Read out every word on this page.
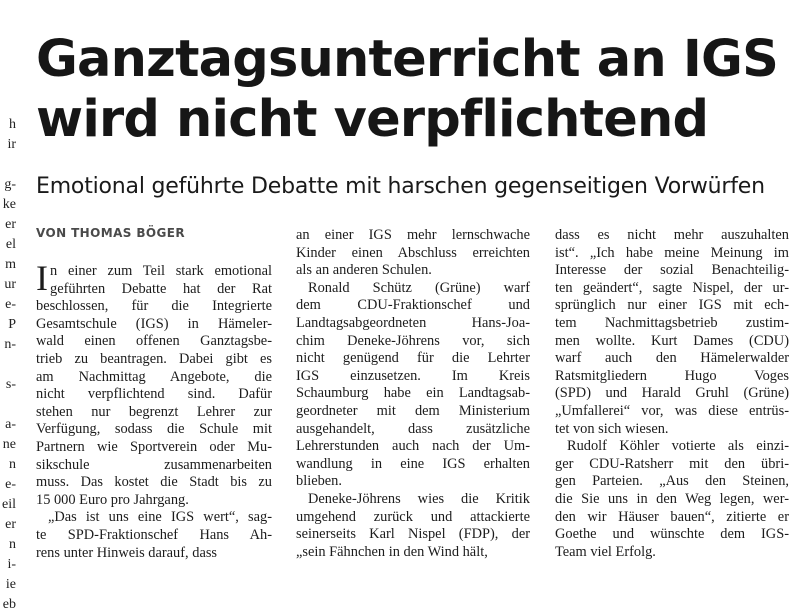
h
ir
g-
ke
er
el
m
ur
e-
P
n-
s-
a-
ne
n
e-
eil
er
n
i-
ie
eb
Ganztagsunterricht an IGS
wird nicht verpflichtend
Emotional geführte Debatte mit harschen gegenseitigen Vorwürfen
VON THOMAS BÖGER
I n einer zum Teil stark emotional
geführten Debatte hat der Rat
beschlossen, für die Integrierte
Gesamtschule (IGS) in Hämeler-
wald einen offenen Ganztagsbe-
trieb zu beantragen. Dabei gibt es
am Nachmittag Angebote, die
nicht verpflichtend sind. Dafür
stehen nur begrenzt Lehrer zur
Verfügung, sodass die Schule mit
Partnern wie Sportverein oder Mu-
sikschule zusammenarbeiten
muss. Das kostet die Stadt bis zu
15 000 Euro pro Jahrgang.
„Das ist uns eine IGS wert“, sag-
te SPD-Fraktionschef Hans Ah-
rens unter Hinweis darauf, dass
an einer IGS mehr lernschwache
Kinder einen Abschluss erreichten
als an anderen Schulen.
Ronald Schütz (Grüne) warf
dem CDU-Fraktionschef und
Landtagsabgeordneten Hans-Joa-
chim Deneke-Jöhrens vor, sich
nicht genügend für die Lehrter
IGS einzusetzen. Im Kreis
Schaumburg habe ein Landtagsab-
geordneter mit dem Ministerium
ausgehandelt, dass zusätzliche
Lehrerstunden auch nach der Um-
wandlung in eine IGS erhalten
blieben.
Deneke-Jöhrens wies die Kritik
umgehend zurück und attackierte
seinerseits Karl Nispel (FDP), der
„sein Fähnchen in den Wind hält,
dass es nicht mehr auszuhalten
ist“. „Ich habe meine Meinung im
Interesse der sozial Benachteilig-
ten geändert“, sagte Nispel, der ur-
sprünglich nur einer IGS mit ech-
tem Nachmittagsbetrieb zustim-
men wollte. Kurt Dames (CDU)
warf auch den Hämelerwalder
Ratsmitgliedern Hugo Voges
(SPD) und Harald Gruhl (Grüne)
„Umfallerei“ vor, was diese entrüs-
tet von sich wiesen.
Rudolf Köhler votierte als einzi-
ger CDU-Ratsherr mit den übri-
gen Parteien. „Aus den Steinen,
die Sie uns in den Weg legen, wer-
den wir Häuser bauen“, zitierte er
Goethe und wünschte dem IGS-
Team viel Erfolg.
